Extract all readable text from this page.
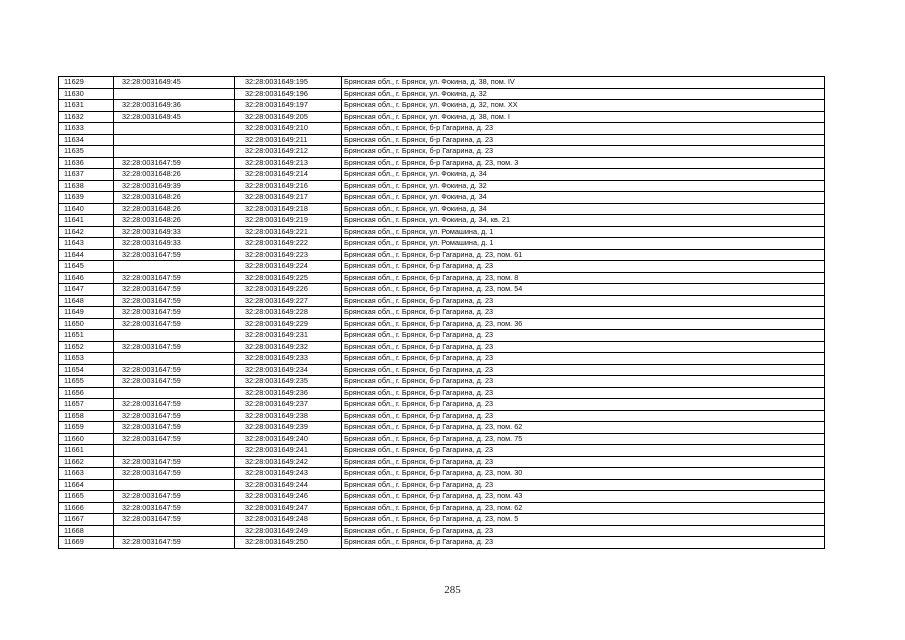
11629	32:28:0031649:45	32:28:0031649:195	Брянская обл., г. Брянск, ул. Фокина, д. 38, пом. IV
11630		32:28:0031649:196	Брянская обл., г. Брянск, ул. Фокина, д. 32
11631	32:28:0031649:36	32:28:0031649:197	Брянская обл., г. Брянск, ул. Фокина, д. 32, пом. XX
11632	32:28:0031649:45	32:28:0031649:205	Брянская обл., г. Брянск, ул. Фокина, д. 38, пом. I
11633		32:28:0031649:210	Брянская обл., г. Брянск, б-р Гагарина, д. 23
11634		32:28:0031649:211	Брянская обл., г. Брянск, б-р Гагарина, д. 23
11635		32:28:0031649:212	Брянская обл., г. Брянск, б-р Гагарина, д. 23
11636	32:28:0031647:59	32:28:0031649:213	Брянская обл., г. Брянск, б-р Гагарина, д. 23, пом. 3
11637	32:28:0031648:26	32:28:0031649:214	Брянская обл., г. Брянск, ул. Фокина, д. 34
11638	32:28:0031649:39	32:28:0031649:216	Брянская обл., г. Брянск, ул. Фокина, д. 32
11639	32:28:0031648:26	32:28:0031649:217	Брянская обл., г. Брянск, ул. Фокина, д. 34
11640	32:28:0031648:26	32:28:0031649:218	Брянская обл., г. Брянск, ул. Фокина, д. 34
11641	32:28:0031648:26	32:28:0031649:219	Брянская обл., г. Брянск, ул. Фокина, д. 34, кв. 21
11642	32:28:0031649:33	32:28:0031649:221	Брянская обл., г. Брянск, ул. Ромашина, д. 1
11643	32:28:0031649:33	32:28:0031649:222	Брянская обл., г. Брянск, ул. Ромашина, д. 1
11644	32:28:0031647:59	32:28:0031649:223	Брянская обл., г. Брянск, б-р Гагарина, д. 23, пом. 61
11645		32:28:0031649:224	Брянская обл., г. Брянск, б-р Гагарина, д. 23
11646	32:28:0031647:59	32:28:0031649:225	Брянская обл., г. Брянск, б-р Гагарина, д. 23, пом. 8
11647	32:28:0031647:59	32:28:0031649:226	Брянская обл., г. Брянск, б-р Гагарина, д. 23, пом. 54
11648	32:28:0031647:59	32:28:0031649:227	Брянская обл., г. Брянск, б-р Гагарина, д. 23
11649	32:28:0031647:59	32:28:0031649:228	Брянская обл., г. Брянск, б-р Гагарина, д. 23
11650	32:28:0031647:59	32:28:0031649:229	Брянская обл., г. Брянск, б-р Гагарина, д. 23, пом. 36
11651		32:28:0031649:231	Брянская обл., г. Брянск, б-р Гагарина, д. 23
11652	32:28:0031647:59	32:28:0031649:232	Брянская обл., г. Брянск, б-р Гагарина, д. 23
11653		32:28:0031649:233	Брянская обл., г. Брянск, б-р Гагарина, д. 23
11654	32:28:0031647:59	32:28:0031649:234	Брянская обл., г. Брянск, б-р Гагарина, д. 23
11655	32:28:0031647:59	32:28:0031649:235	Брянская обл., г. Брянск, б-р Гагарина, д. 23
11656		32:28:0031649:236	Брянская обл., г. Брянск, б-р Гагарина, д. 23
11657	32:28:0031647:59	32:28:0031649:237	Брянская обл., г. Брянск, б-р Гагарина, д. 23
11658	32:28:0031647:59	32:28:0031649:238	Брянская обл., г. Брянск, б-р Гагарина, д. 23
11659	32:28:0031647:59	32:28:0031649:239	Брянская обл., г. Брянск, б-р Гагарина, д. 23, пом. 62
11660	32:28:0031647:59	32:28:0031649:240	Брянская обл., г. Брянск, б-р Гагарина, д. 23, пом. 75
11661		32:28:0031649:241	Брянская обл., г. Брянск, б-р Гагарина, д. 23
11662	32:28:0031647:59	32:28:0031649:242	Брянская обл., г. Брянск, б-р Гагарина, д. 23
11663	32:28:0031647:59	32:28:0031649:243	Брянская обл., г. Брянск, б-р Гагарина, д. 23, пом. 30
11664		32:28:0031649:244	Брянская обл., г. Брянск, б-р Гагарина, д. 23
11665	32:28:0031647:59	32:28:0031649:246	Брянская обл., г. Брянск, б-р Гагарина, д. 23, пом. 43
11666	32:28:0031647:59	32:28:0031649:247	Брянская обл., г. Брянск, б-р Гагарина, д. 23, пом. 62
11667	32:28:0031647:59	32:28:0031649:248	Брянская обл., г. Брянск, б-р Гагарина, д. 23, пом. 5
11668		32:28:0031649:249	Брянская обл., г. Брянск, б-р Гагарина, д. 23
11669	32:28:0031647:59	32:28:0031649:250	Брянская обл., г. Брянск, б-р Гагарина, д. 23
285
